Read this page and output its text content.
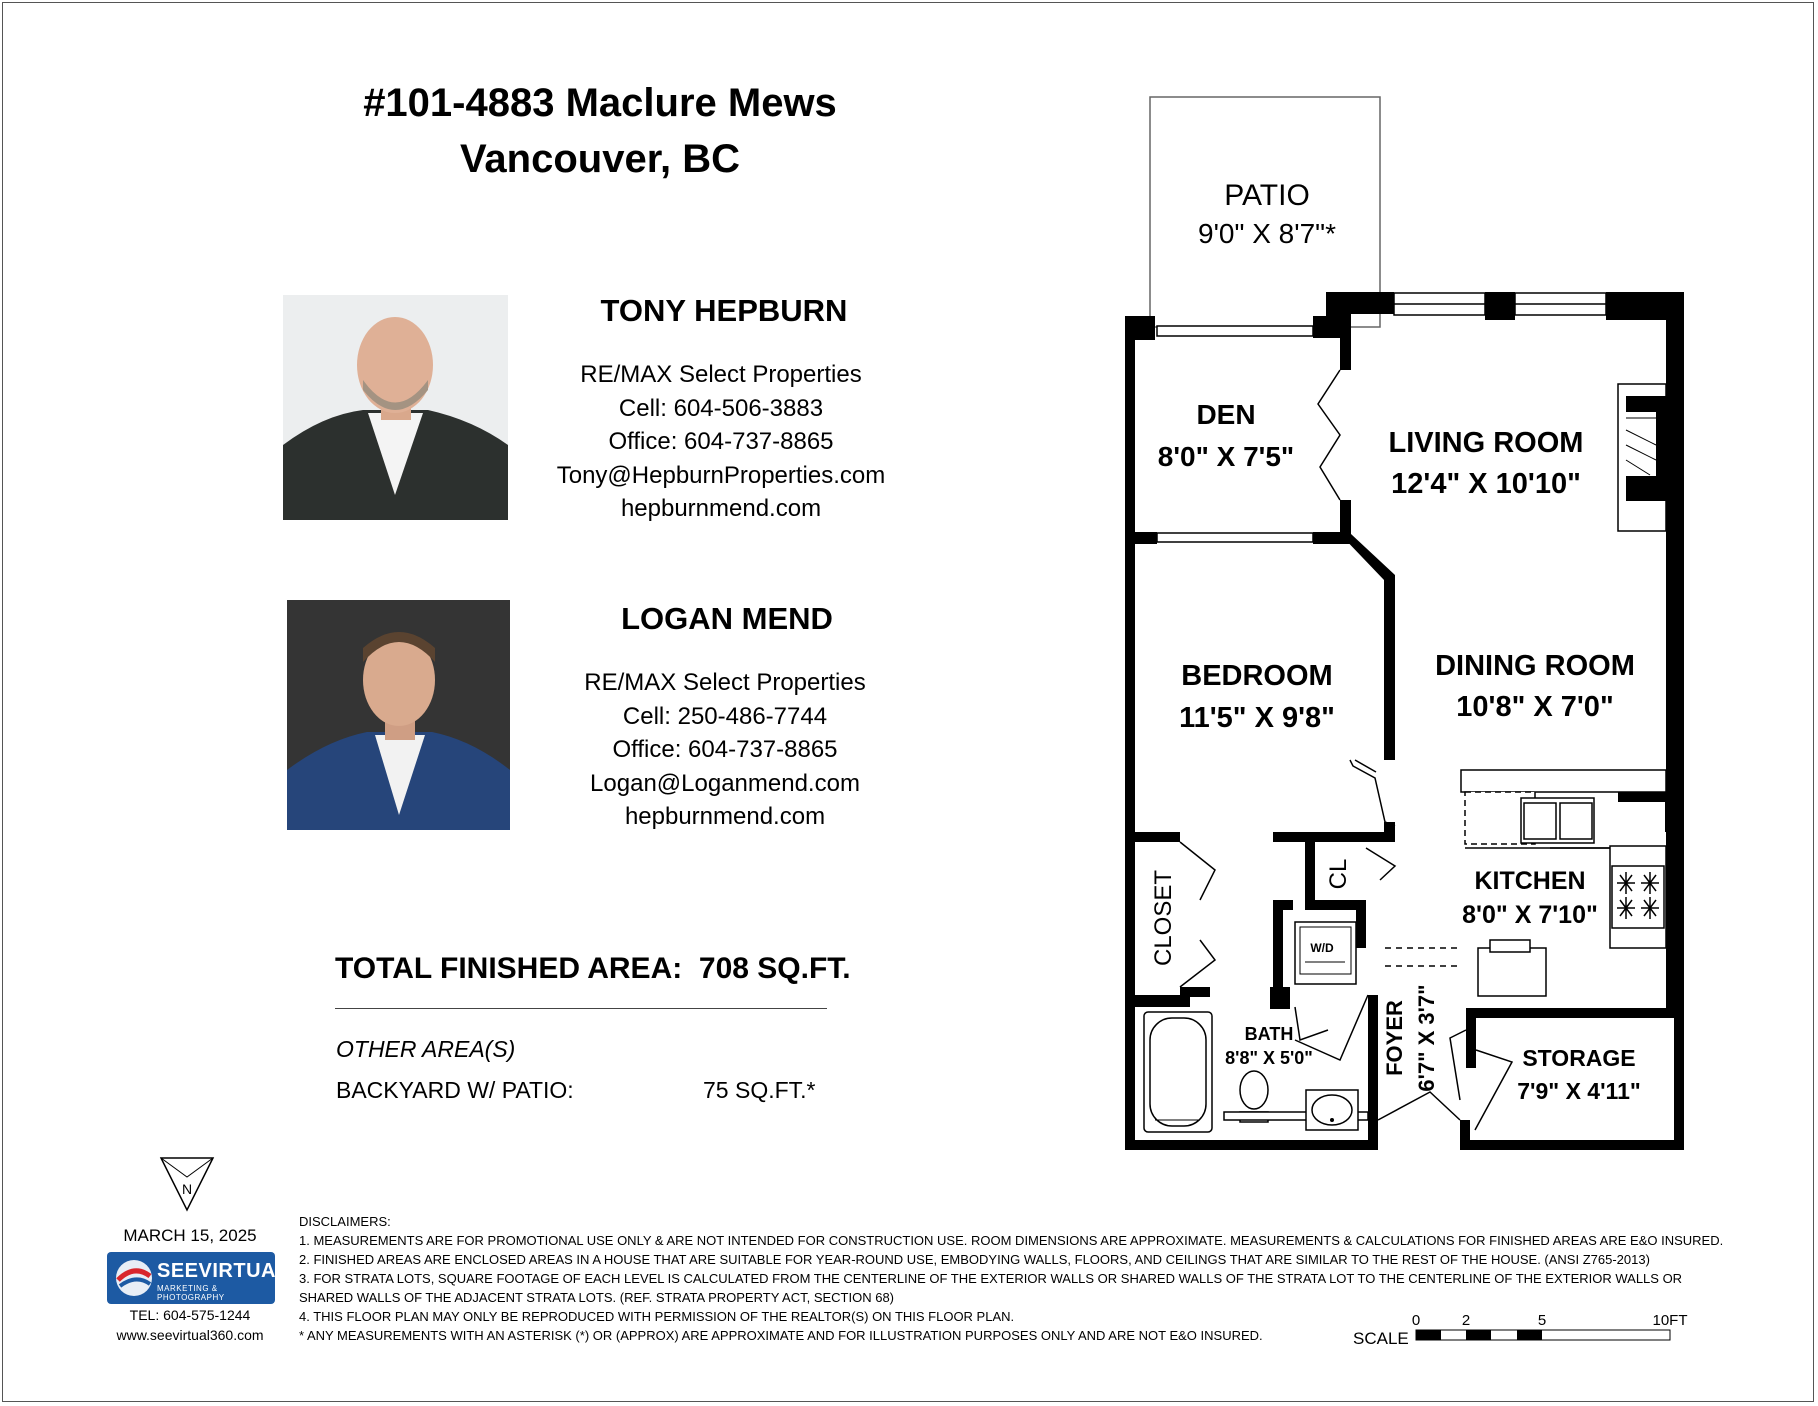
#101-4883 Maclure Mews
Vancouver, BC
TONY HEPBURN
RE/MAX Select Properties
Cell: 604-506-3883
Office: 604-737-8865
Tony@HepburnProperties.com
hepburnmend.com
LOGAN MEND
RE/MAX Select Properties
Cell: 250-486-7744
Office: 604-737-8865
Logan@Loganmend.com
hepburnmend.com
TOTAL FINISHED AREA: 708 SQ.FT.
OTHER AREA(S)
BACKYARD W/ PATIO:	75 SQ.FT.*
N
MARCH 15, 2025
SEEVIRTUAL
MARKETING & PHOTOGRAPHY
TEL: 604-575-1244
www.seevirtual360.com
DISCLAIMERS:
1. MEASUREMENTS ARE FOR PROMOTIONAL USE ONLY & ARE NOT INTENDED FOR CONSTRUCTION USE. ROOM DIMENSIONS ARE APPROXIMATE. MEASUREMENTS & CALCULATIONS FOR FINISHED AREAS ARE E&O INSURED.
2. FINISHED AREAS ARE ENCLOSED AREAS IN A HOUSE THAT ARE SUITABLE FOR YEAR-ROUND USE, EMBODYING WALLS, FLOORS, AND CEILINGS THAT ARE SIMILAR TO THE REST OF THE HOUSE. (ANSI Z765-2013)
3. FOR STRATA LOTS, SQUARE FOOTAGE OF EACH LEVEL IS CALCULATED FROM THE CENTERLINE OF THE EXTERIOR WALLS OR SHARED WALLS OF THE STRATA LOT TO THE CENTERLINE OF THE EXTERIOR WALLS OR
SHARED WALLS OF THE ADJACENT STRATA LOTS. (REF. STRATA PROPERTY ACT, SECTION 68)
4. THIS FLOOR PLAN MAY ONLY BE REPRODUCED WITH PERMISSION OF THE REALTOR(S) ON THIS FLOOR PLAN.
* ANY MEASUREMENTS WITH AN ASTERISK (*) OR (APPROX) ARE APPROXIMATE AND FOR ILLUSTRATION PURPOSES ONLY AND ARE NOT E&O INSURED.
PATIO
9'0" X 8'7"*
DEN
8'0" X 7'5"	LIVING ROOM
12'4" X 10'10"
BEDROOM
11'5" X 9'8"
DINING ROOM
10'8" X 7'0"
KITCHEN
8'0" X 7'10"
CLOSET	CL
W/D
BATH
8'8" X 5'0"	FOYER 6'7" X 3'7"	STORAGE
7'9" X 4'11"
SCALE
0	2	5	10FT
